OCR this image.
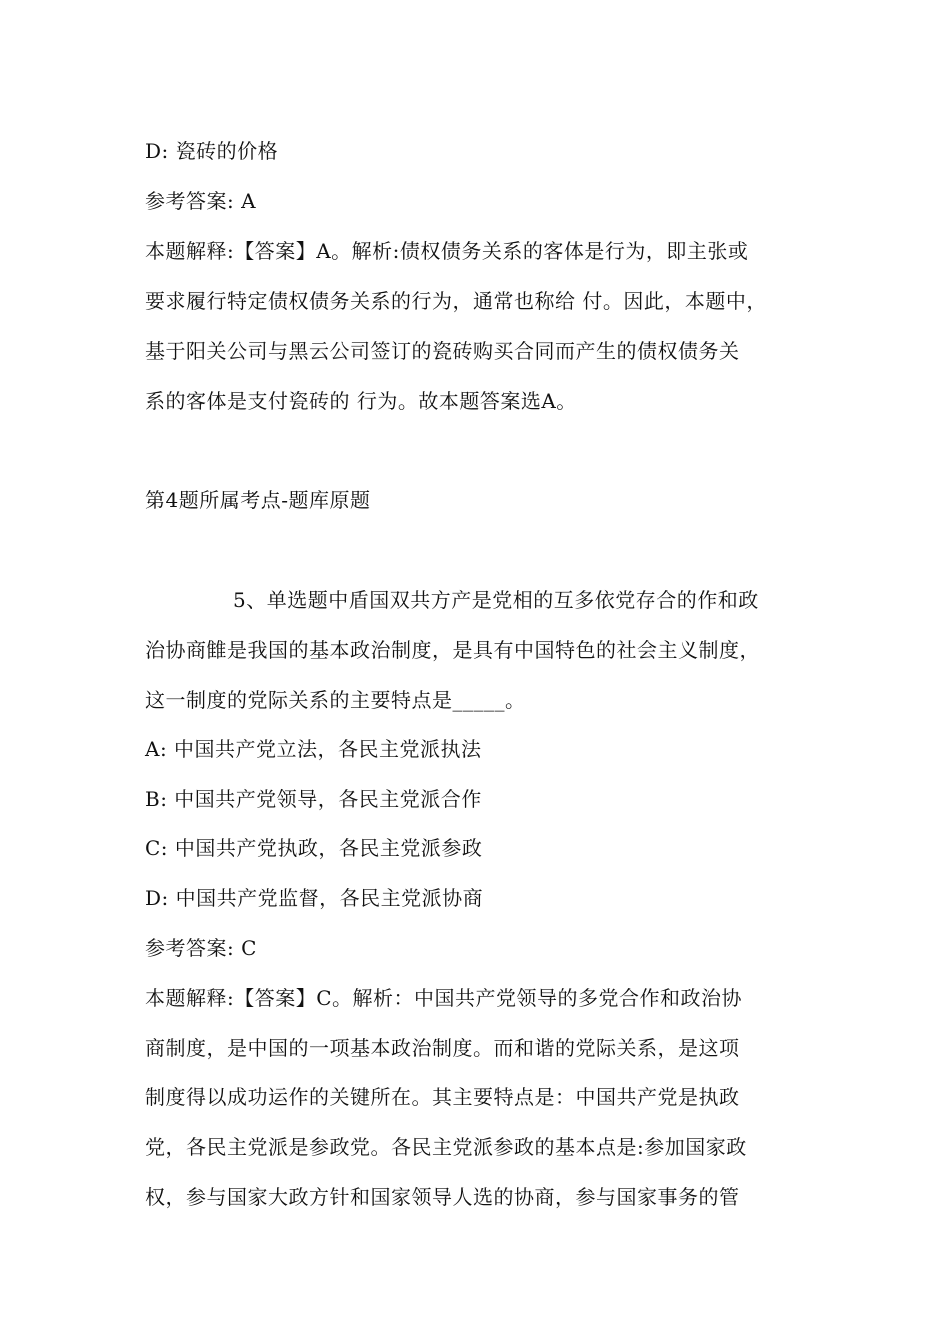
D: 瓷砖的价格
参考答案: A
本题解释:【答案】A。解析:债权债务关系的客体是行为，即主张或
要求履行特定债权债务关系的行为，通常也称给 付。因此，本题中，
基于阳关公司与黑云公司签订的瓷砖购买合同而产生的债权债务关
系的客体是支付瓷砖的 行为。故本题答案选A。
第4题所属考点-题库原题
5、单选题中盾国双共方产是党相的互多依党存合的作和政
治协商雔是我国的基本政治制度，是具有中国特色的社会主义制度，
这一制度的党际关系的主要特点是_____。
A: 中国共产党立法，各民主党派执法
B: 中国共产党领导，各民主党派合作
C: 中国共产党执政，各民主党派参政
D: 中国共产党监督，各民主党派协商
参考答案: C
本题解释:【答案】C。解析：中国共产党领导的多党合作和政治协
商制度，是中国的一项基本政治制度。而和谐的党际关系，是这项
制度得以成功运作的关键所在。其主要特点是：中国共产党是执政
党，各民主党派是参政党。各民主党派参政的基本点是:参加国家政
权，参与国家大政方针和国家领导人选的协商，参与国家事务的管
